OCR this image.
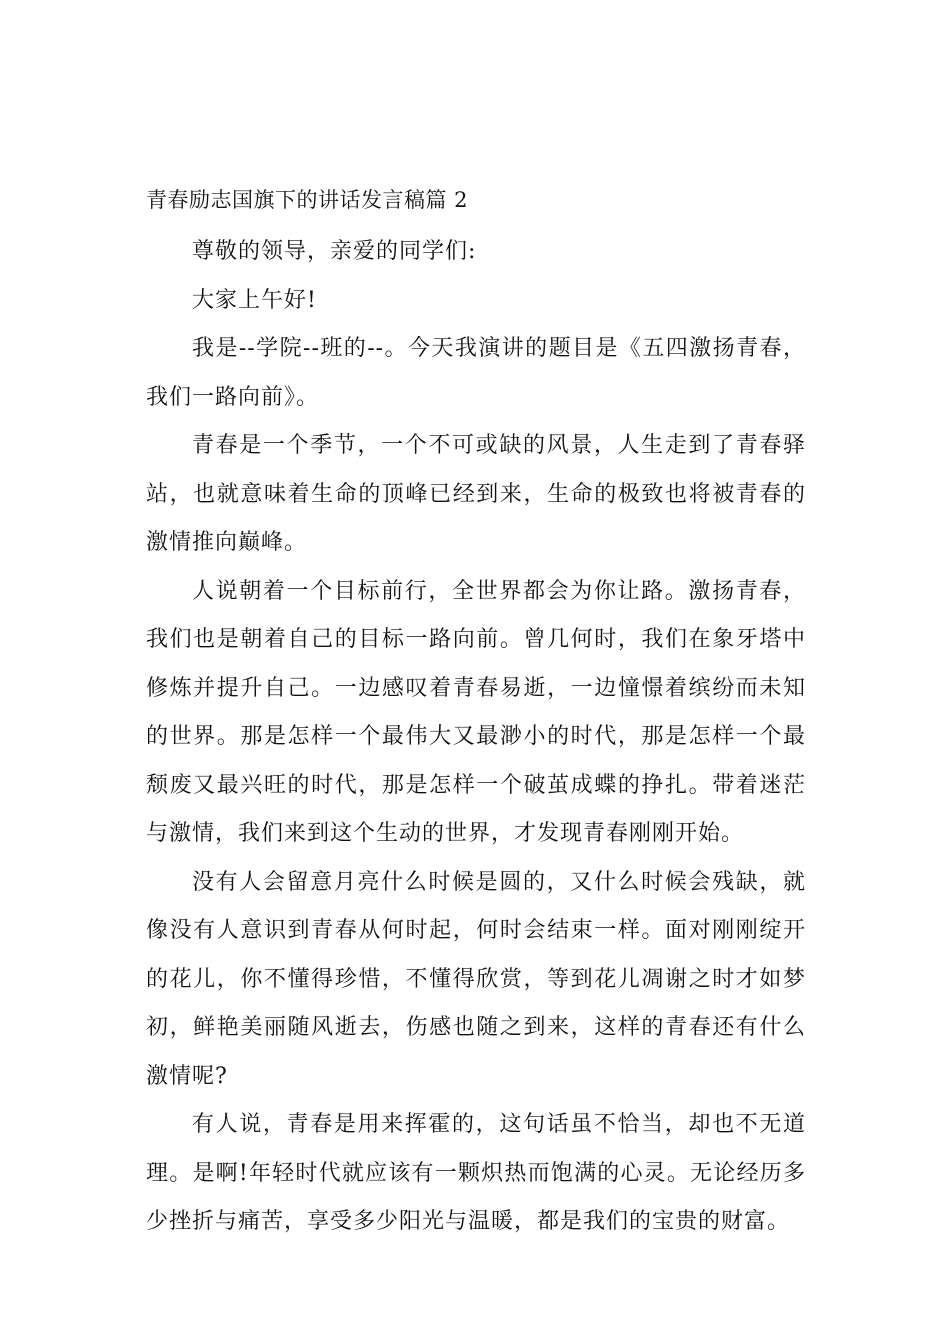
青春励志国旗下的讲话发言稿篇 2

尊敬的领导，亲爱的同学们:

大家上午好!

我是--学院--班的--。今天我演讲的题目是《五四激扬青春，我们一路向前》。

青春是一个季节，一个不可或缺的风景，人生走到了青春驿站，也就意味着生命的顶峰已经到来，生命的极致也将被青春的激情推向巅峰。

人说朝着一个目标前行，全世界都会为你让路。激扬青春，我们也是朝着自己的目标一路向前。曾几何时，我们在象牙塔中修炼并提升自己。一边感叹着青春易逝，一边憧憬着缤纷而未知的世界。那是怎样一个最伟大又最渺小的时代，那是怎样一个最颓废又最兴旺的时代，那是怎样一个破茧成蝶的挣扎。带着迷茫与激情，我们来到这个生动的世界，才发现青春刚刚开始。

没有人会留意月亮什么时候是圆的，又什么时候会残缺，就像没有人意识到青春从何时起，何时会结束一样。面对刚刚绽开的花儿，你不懂得珍惜，不懂得欣赏，等到花儿凋谢之时才如梦初，鲜艳美丽随风逝去，伤感也随之到来，这样的青春还有什么激情呢?

有人说，青春是用来挥霍的，这句话虽不恰当，却也不无道理。是啊!年轻时代就应该有一颗炽热而饱满的心灵。无论经历多少挫折与痛苦，享受多少阳光与温暖，都是我们的宝贵的财富。
